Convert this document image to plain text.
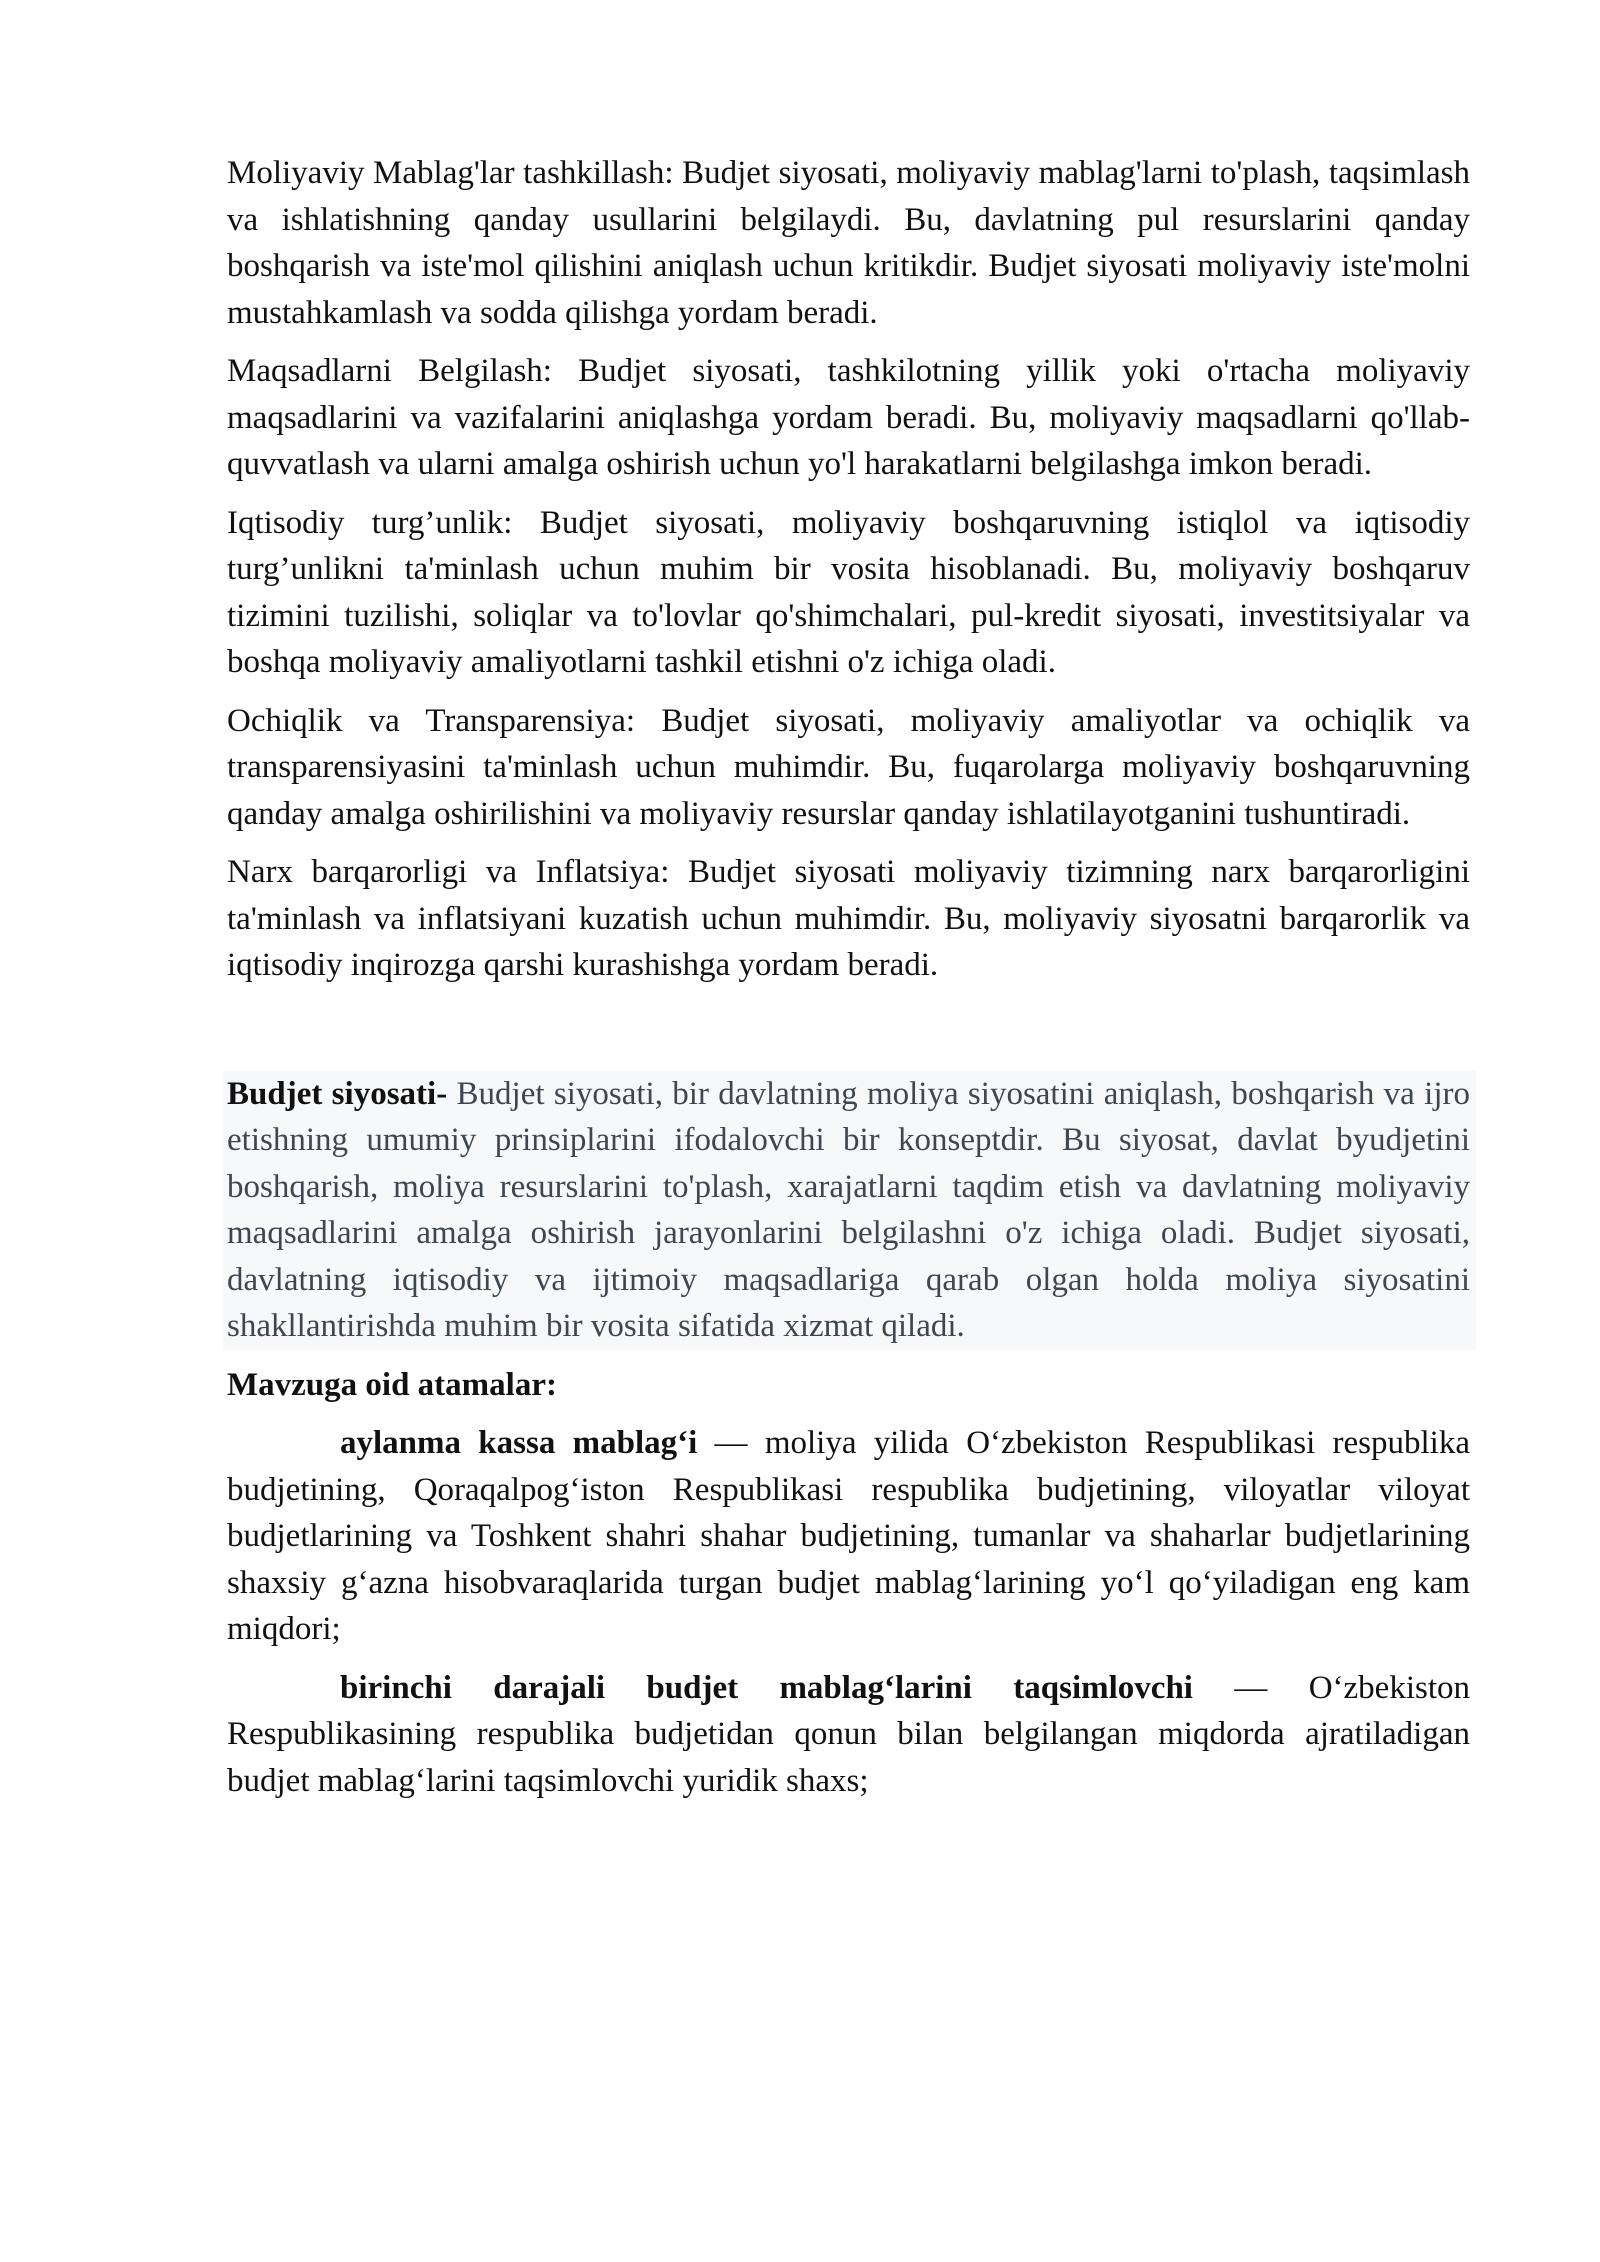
Moliyaviy Mablag'lar tashkillash: Budjet siyosati, moliyaviy mablag'larni to'plash, taqsimlash va ishlatishning qanday usullarini belgilaydi. Bu, davlatning pul resurslarini qanday boshqarish va iste'mol qilishini aniqlash uchun kritikdir. Budjet siyosati moliyaviy iste'molni mustahkamlash va sodda qilishga yordam beradi.

Maqsadlarni Belgilash: Budjet siyosati, tashkilotning yillik yoki o'rtacha moliyaviy maqsadlarini va vazifalarini aniqlashga yordam beradi. Bu, moliyaviy maqsadlarni qo'llab-quvvatlash va ularni amalga oshirish uchun yo'l harakatlarni belgilashga imkon beradi.

Iqtisodiy turg’unlik: Budjet siyosati, moliyaviy boshqaruvning istiqlol va iqtisodiy turg’unlikni ta'minlash uchun muhim bir vosita hisoblanadi. Bu, moliyaviy boshqaruv tizimini tuzilishi, soliqlar va to'lovlar qo'shimchalari, pul-kredit siyosati, investitsiyalar va boshqa moliyaviy amaliyotlarni tashkil etishni o'z ichiga oladi.

Ochiqlik va Transparensiya: Budjet siyosati, moliyaviy amaliyotlar va ochiqlik va transparensiyasini ta'minlash uchun muhimdir. Bu, fuqarolarga moliyaviy boshqaruvning qanday amalga oshirilishini va moliyaviy resurslar qanday ishlatilayotganini tushuntiradi.

Narx barqarorligi va Inflatsiya: Budjet siyosati moliyaviy tizimning narx barqarorligini ta'minlash va inflatsiyani kuzatish uchun muhimdir. Bu, moliyaviy siyosatni barqarorlik va iqtisodiy inqirozga qarshi kurashishga yordam beradi.

Budjet siyosati- Budjet siyosati, bir davlatning moliya siyosatini aniqlash, boshqarish va ijro etishning umumiy prinsiplarini ifodalovchi bir konseptdir. Bu siyosat, davlat byudjetini boshqarish, moliya resurslarini to'plash, xarajatlarni taqdim etish va davlatning moliyaviy maqsadlarini amalga oshirish jarayonlarini belgilashni o'z ichiga oladi. Budjet siyosati, davlatning iqtisodiy va ijtimoiy maqsadlariga qarab olgan holda moliya siyosatini shakllantirishda muhim bir vosita sifatida xizmat qiladi.

Mavzuga oid atamalar:

aylanma kassa mablag‘i — moliya yilida O‘zbekiston Respublikasi respublika budjetining, Qoraqalpog‘iston Respublikasi respublika budjetining, viloyatlar viloyat budjetlarining va Toshkent shahri shahar budjetining, tumanlar va shaharlar budjetlarining shaxsiy g‘azna hisobvaraqlarida turgan budjet mablag‘larining yo‘l qo‘yiladigan eng kam miqdori;

birinchi darajali budjet mablag‘larini taqsimlovchi — O‘zbekiston Respublikasining respublika budjetidan qonun bilan belgilangan miqdorda ajratiladigan budjet mablag‘larini taqsimlovchi yuridik shaxs;
